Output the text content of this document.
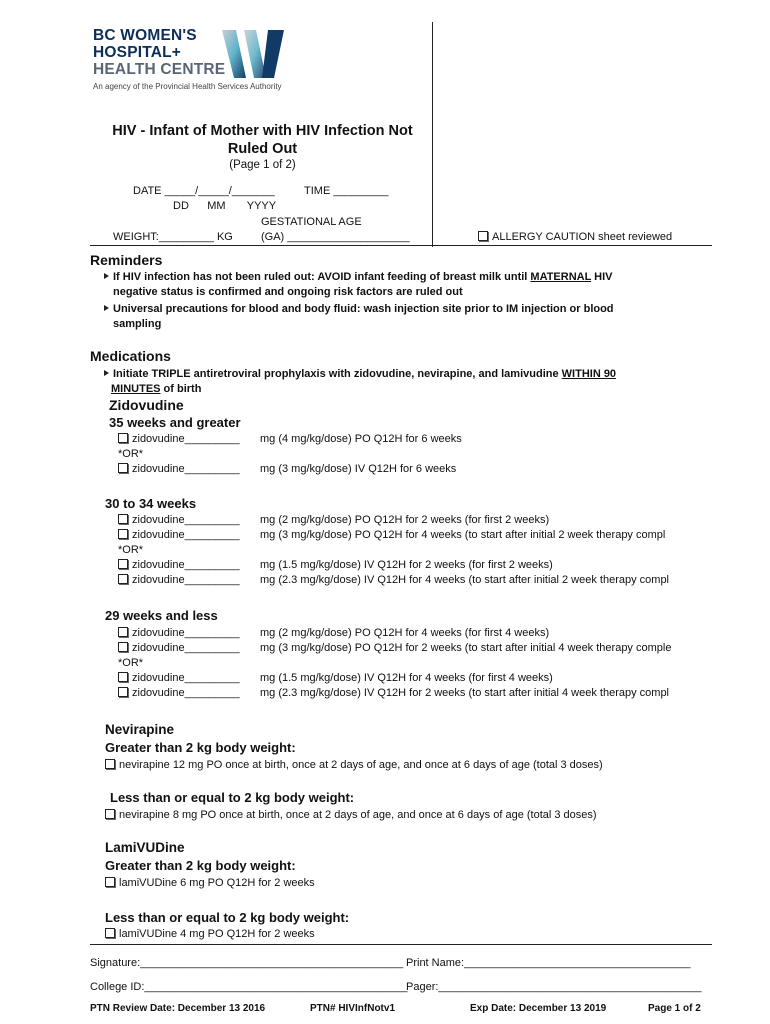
BC WOMEN'S
HOSPITAL+
HEALTH CENTRE
An agency of the Provincial Health Services Authority
HIV - Infant of Mother with HIV Infection Not
Ruled Out
(Page 1 of 2)
DATE _____/_____/_______	TIME _________
DD      MM       YYYY
GESTATIONAL AGE
(GA) ____________________
WEIGHT:_________ KG	ALLERGY CAUTION sheet reviewed
Reminders
If HIV infection has not been ruled out: AVOID infant feeding of breast milk until MATERNAL HIV
negative status is confirmed and ongoing risk factors are ruled out
Universal precautions for blood and body fluid: wash injection site prior to IM injection or blood
sampling
Medications
Initiate TRIPLE antiretroviral prophylaxis with zidovudine, nevirapine, and lamivudine WITHIN 90
MINUTES of birth
Zidovudine
35 weeks and greater
zidovudine_________ mg (4 mg/kg/dose) PO Q12H for 6 weeks
*OR*
zidovudine_________ mg (3 mg/kg/dose) IV Q12H for 6 weeks
30 to 34 weeks
zidovudine_________ mg (2 mg/kg/dose) PO Q12H for 2 weeks (for first 2 weeks)
zidovudine_________ mg (3 mg/kg/dose) PO Q12H for 4 weeks (to start after initial 2 week therapy compl
*OR*
zidovudine_________ mg (1.5 mg/kg/dose) IV Q12H for 2 weeks (for first 2 weeks)
zidovudine_________ mg (2.3 mg/kg/dose) IV Q12H for 4 weeks (to start after initial 2 week therapy compl
29 weeks and less
zidovudine_________ mg (2 mg/kg/dose) PO Q12H for 4 weeks (for first 4 weeks)
zidovudine_________ mg (3 mg/kg/dose) PO Q12H for 2 weeks (to start after initial 4 week therapy comple
*OR*
zidovudine_________ mg (1.5 mg/kg/dose) IV Q12H for 4 weeks (for first 4 weeks)
zidovudine_________ mg (2.3 mg/kg/dose) IV Q12H for 2 weeks (to start after initial 4 week therapy compl
Nevirapine
Greater than 2 kg body weight:
nevirapine 12 mg PO once at birth, once at 2 days of age, and once at 6 days of age (total 3 doses)
Less than or equal to 2 kg body weight:
nevirapine 8 mg PO once at birth, once at 2 days of age, and once at 6 days of age (total 3 doses)
LamiVUDine
Greater than 2 kg body weight:
lamiVUDine 6 mg PO Q12H for 2 weeks
Less than or equal to 2 kg body weight:
lamiVUDine 4 mg PO Q12H for 2 weeks
Signature:___________________________________________ Print Name:_____________________________________
College ID:___________________________________________
Pager:___________________________________________
PTN Review Date: December 13 2016	PTN# HIVInfNotv1	Exp Date: December 13 2019	Page 1 of 2
